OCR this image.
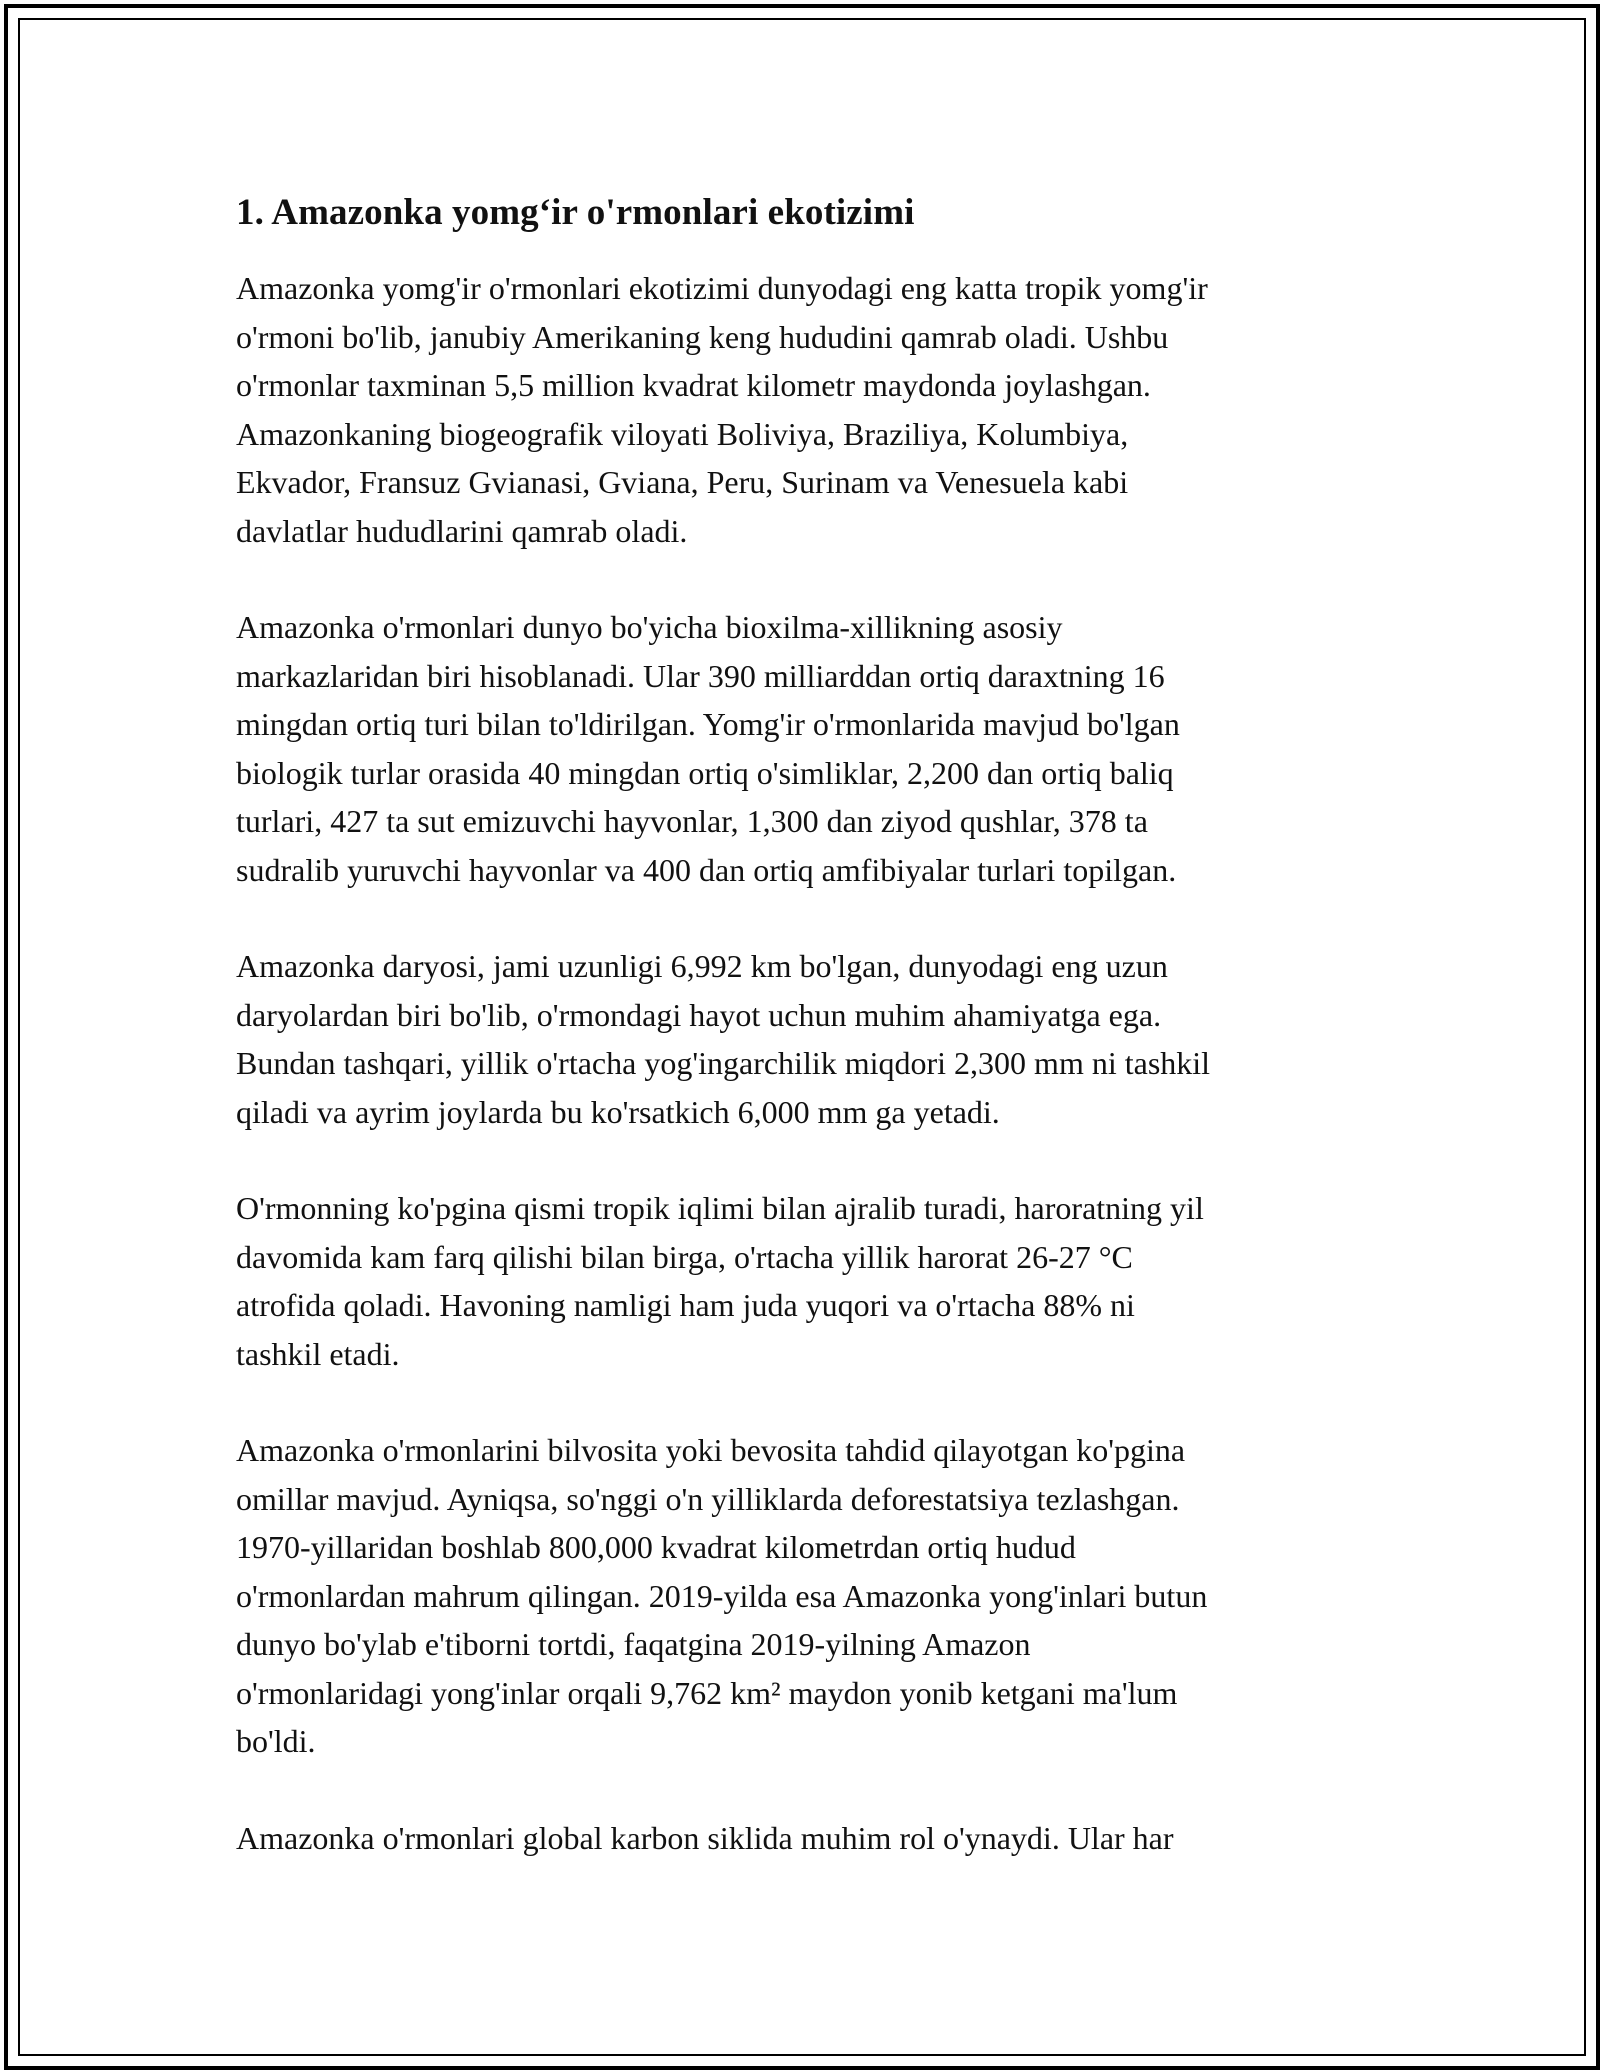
1. Amazonka yomg‘ir o'rmonlari ekotizimi

Amazonka yomg'ir o'rmonlari ekotizimi dunyodagi eng katta tropik yomg'ir
o'rmoni bo'lib, janubiy Amerikaning keng hududini qamrab oladi. Ushbu
o'rmonlar taxminan 5,5 million kvadrat kilometr maydonda joylashgan.
Amazonkaning biogeografik viloyati Boliviya, Braziliya, Kolumbiya,
Ekvador, Fransuz Gvianasi, Gviana, Peru, Surinam va Venesuela kabi
davlatlar hududlarini qamrab oladi.

Amazonka o'rmonlari dunyo bo'yicha bioxilma-xillikning asosiy
markazlaridan biri hisoblanadi. Ular 390 milliarddan ortiq daraxtning 16
mingdan ortiq turi bilan to'ldirilgan. Yomg'ir o'rmonlarida mavjud bo'lgan
biologik turlar orasida 40 mingdan ortiq o'simliklar, 2,200 dan ortiq baliq
turlari, 427 ta sut emizuvchi hayvonlar, 1,300 dan ziyod qushlar, 378 ta
sudralib yuruvchi hayvonlar va 400 dan ortiq amfibiyalar turlari topilgan.

Amazonka daryosi, jami uzunligi 6,992 km bo'lgan, dunyodagi eng uzun
daryolardan biri bo'lib, o'rmondagi hayot uchun muhim ahamiyatga ega.
Bundan tashqari, yillik o'rtacha yog'ingarchilik miqdori 2,300 mm ni tashkil
qiladi va ayrim joylarda bu ko'rsatkich 6,000 mm ga yetadi.

O'rmonning ko'pgina qismi tropik iqlimi bilan ajralib turadi, haroratning yil
davomida kam farq qilishi bilan birga, o'rtacha yillik harorat 26-27 °C
atrofida qoladi. Havoning namligi ham juda yuqori va o'rtacha 88% ni
tashkil etadi.

Amazonka o'rmonlarini bilvosita yoki bevosita tahdid qilayotgan ko'pgina
omillar mavjud. Ayniqsa, so'nggi o'n yilliklarda deforestatsiya tezlashgan.
1970-yillaridan boshlab 800,000 kvadrat kilometrdan ortiq hudud
o'rmonlardan mahrum qilingan. 2019-yilda esa Amazonka yong'inlari butun
dunyo bo'ylab e'tiborni tortdi, faqatgina 2019-yilning Amazon
o'rmonlaridagi yong'inlar orqali 9,762 km² maydon yonib ketgani ma'lum
bo'ldi.

Amazonka o'rmonlari global karbon siklida muhim rol o'ynaydi. Ular har
